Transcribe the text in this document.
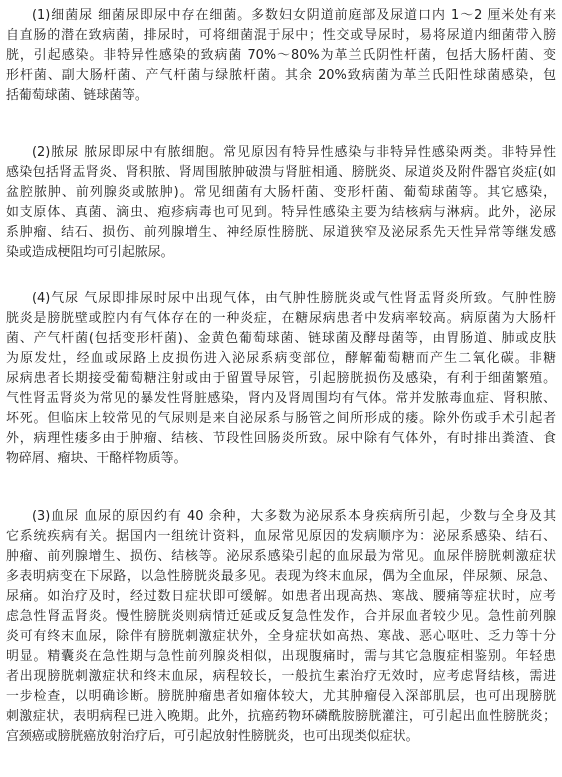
(1)细菌尿 细菌尿即尿中存在细菌。多数妇女阴道前庭部及尿道口内 1～2 厘米处有来
自直肠的潜在致病菌，排尿时，可将细菌混于尿中；性交或导尿时，易将尿道内细菌带入膀
胱，引起感染。非特异性感染的致病菌 70%～80%为革兰氏阴性杆菌，包括大肠杆菌、变
形杆菌、副大肠杆菌、产气杆菌与绿脓杆菌。其余 20%致病菌为革兰氏阳性球菌感染，包
括葡萄球菌、链球菌等。
(2)脓尿 脓尿即尿中有脓细胞。常见原因有特异性感染与非特异性感染两类。非特异性
感染包括肾盂肾炎、肾积脓、肾周围脓肿破溃与肾脏相通、膀胱炎、尿道炎及附件器官炎症(如
盆腔脓肿、前列腺炎或脓肿)。常见细菌有大肠杆菌、变形杆菌、葡萄球菌等。其它感染，
如支原体、真菌、滴虫、疱疹病毒也可见到。特异性感染主要为结核病与淋病。此外，泌尿
系肿瘤、结石、损伤、前列腺增生、神经原性膀胱、尿道狭窄及泌尿系先天性异常等继发感
染或造成梗阻均可引起脓尿。
(4)气尿 气尿即排尿时尿中出现气体，由气肿性膀胱炎或气性肾盂肾炎所致。气肿性膀
胱炎是膀胱壁或腔内有气体存在的一种炎症，在糖尿病患者中发病率较高。病原菌为大肠杆
菌、产气杆菌(包括变形杆菌)、金黄色葡萄球菌、链球菌及酵母菌等，由胃肠道、肺或皮肤
为原发灶，经血或尿路上皮损伤进入泌尿系病变部位，酵解葡萄糖而产生二氧化碳。非糖
尿病患者长期接受葡萄糖注射或由于留置导尿管，引起膀胱损伤及感染，有利于细菌繁殖。
气性肾盂肾炎为常见的暴发性肾脏感染，肾内及肾周围均有气体。常并发脓毒血症、肾积脓、
坏死。但临床上较常见的气尿则是来自泌尿系与肠管之间所形成的瘘。除外伤或手术引起者
外，病理性瘘多由于肿瘤、结核、节段性回肠炎所致。尿中除有气体外，有时排出粪渣、食
物碎屑、瘤块、干酪样物质等。
(3)血尿 血尿的原因约有 40 余种，大多数为泌尿系本身疾病所引起，少数与全身及其
它系统疾病有关。据国内一组统计资料，血尿常见原因的发病顺序为：泌尿系感染、结石、
肿瘤、前列腺增生、损伤、结核等。泌尿系感染引起的血尿最为常见。血尿伴膀胱刺激症状
多表明病变在下尿路，以急性膀胱炎最多见。表现为终末血尿，偶为全血尿，伴尿频、尿急、
尿痛。如治疗及时，经过数日症状即可缓解。如患者出现高热、寒战、腰痛等症状时，应考
虑急性肾盂肾炎。慢性膀胱炎则病情迁延或反复急性发作，合并尿血者较少见。急性前列腺
炎可有终末血尿，除伴有膀胱刺激症状外，全身症状如高热、寒战、恶心呕吐、乏力等十分
明显。精囊炎在急性期与急性前列腺炎相似，出现腹痛时，需与其它急腹症相鉴别。年轻患
者出现膀胱刺激症状和终末血尿，病程较长，一般抗生素治疗无效时，应考虑肾结核，需进
一步检查，以明确诊断。膀胱肿瘤患者如瘤体较大，尤其肿瘤侵入深部肌层，也可出现膀胱
刺激症状，表明病程已进入晚期。此外，抗癌药物环磷酰胺膀胱灌注，可引起出血性膀胱炎；
宫颈癌或膀胱癌放射治疗后，可引起放射性膀胱炎，也可出现类似症状。
